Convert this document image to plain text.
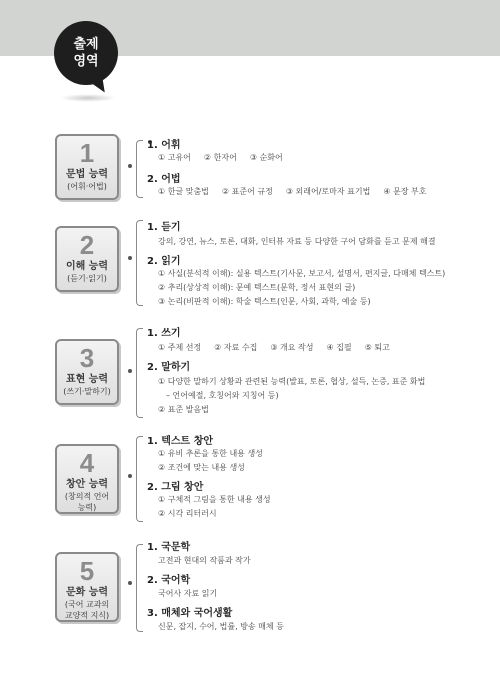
출제
영역
1
문법 능력
(어휘·어법)
1. 어휘
① 고유어 ② 한자어 ③ 순화어
2. 어법
① 한글 맞춤법 ② 표준어 규정 ③ 외래어/로마자 표기법 ④ 문장 부호
2
이해 능력
(듣기·읽기)
1. 듣기
강의, 강연, 뉴스, 토론, 대화, 인터뷰 자료 등 다양한 구어 담화를 듣고 문제 해결
2. 읽기
① 사실(분석적 이해): 실용 텍스트(기사문, 보고서, 설명서, 편지글, 다매체 텍스트)
② 추리(상상적 이해): 문예 텍스트(문학, 정서 표현의 글)
③ 논리(비판적 이해): 학술 텍스트(인문, 사회, 과학, 예술 등)
3
표현 능력
(쓰기·말하기)
1. 쓰기
① 주제 선정 ② 자료 수집 ③ 개요 작성 ④ 집필 ⑤ 퇴고
2. 말하기
① 다양한 말하기 상황과 관련된 능력(발표, 토론, 협상, 설득, 논증, 표준 화법
– 언어예절, 호칭어와 지칭어 등)
② 표준 발음법
4
창안 능력
(창의적 언어
능력)
1. 텍스트 창안
① 유비 추론을 통한 내용 생성
② 조건에 맞는 내용 생성
2. 그림 창안
① 구체적 그림을 통한 내용 생성
② 시각 리터러시
5
문화 능력
(국어 교과의
교양적 지식)
1. 국문학
고전과 현대의 작품과 작가
2. 국어학
국어사 자료 읽기
3. 매체와 국어생활
신문, 잡지, 수어, 법률, 방송 매체 등
